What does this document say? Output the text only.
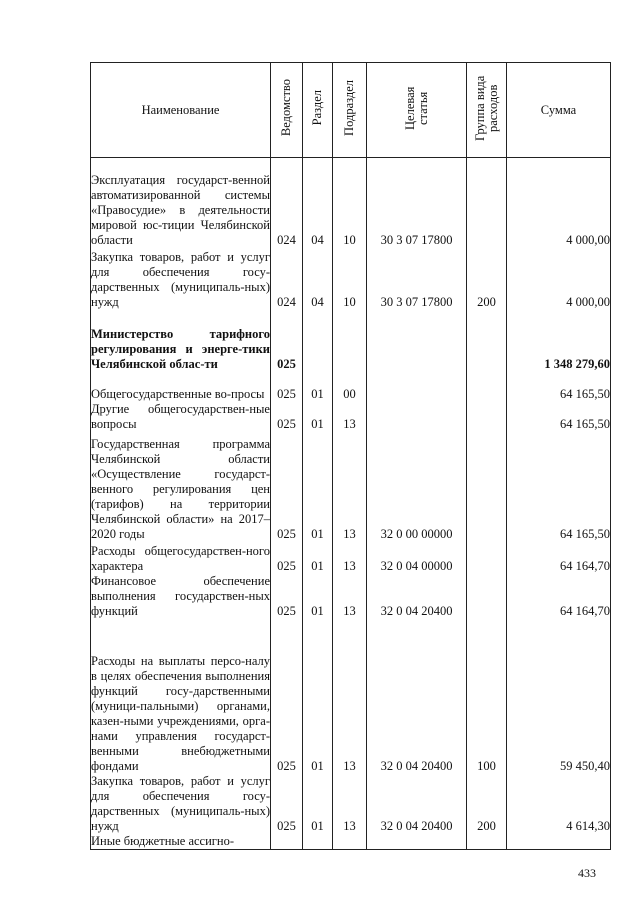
Наименование	Ведомство	Раздел	Подраздел	Целевая статья	Группа вида расходов	Сумма
Эксплуатация государст-венной автоматизированной системы «Правосудие» в деятельности мировой юс-тиции Челябинской области	024	04	10	30 3 07 17800		4 000,00
Закупка товаров, работ и услуг для обеспечения госу-дарственных (муниципаль-ных) нужд	024	04	10	30 3 07 17800	200	4 000,00
Министерство тарифного регулирования и энерге-тики Челябинской облас-ти	025					1 348 279,60
Общегосударственные во-просы	025	01	00			64 165,50
Другие общегосударствен-ные вопросы	025	01	13			64 165,50
Государственная программа Челябинской области «Осуществление государст-венного регулирования цен (тарифов) на территории Челябинской области» на 2017–2020 годы	025	01	13	32 0 00 00000		64 165,50
Расходы общегосударствен-ного характера	025	01	13	32 0 04 00000		64 164,70
Финансовое обеспечение выполнения государствен-ных функций	025	01	13	32 0 04 20400		64 164,70
Расходы на выплаты персо-налу в целях обеспечения выполнения функций госу-дарственными (муници-пальными) органами, казен-ными учреждениями, орга-нами управления государст-венными внебюджетными фондами	025	01	13	32 0 04 20400	100	59 450,40
Закупка товаров, работ и услуг для обеспечения госу-дарственных (муниципаль-ных) нужд	025	01	13	32 0 04 20400	200	4 614,30
Иные бюджетные ассигно-						
433
